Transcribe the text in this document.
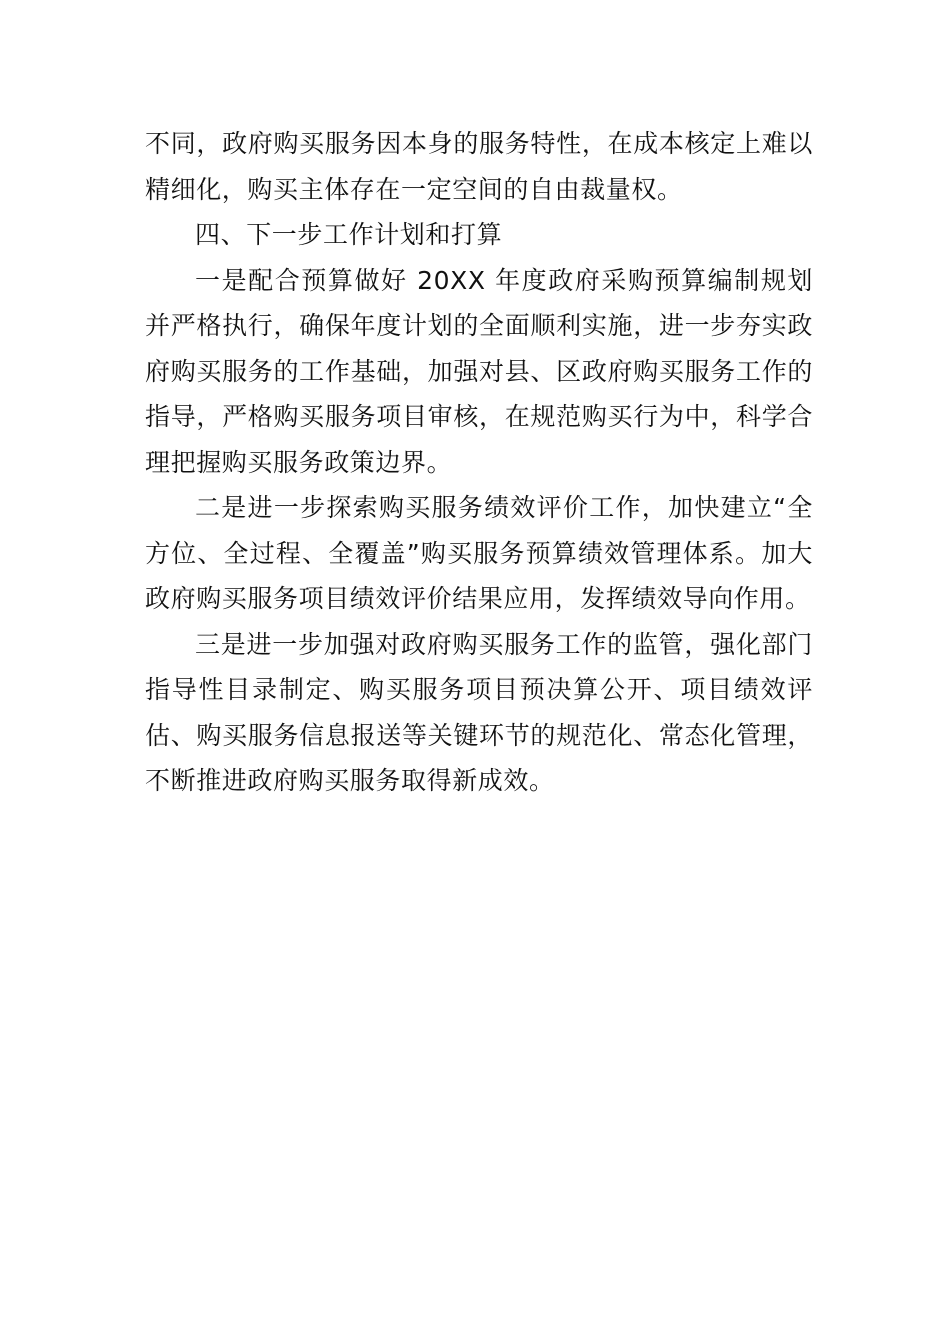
不同，政府购买服务因本身的服务特性，在成本核定上难以精细化，购买主体存在一定空间的自由裁量权。

四、下一步工作计划和打算

一是配合预算做好 20XX 年度政府采购预算编制规划并严格执行，确保年度计划的全面顺利实施，进一步夯实政府购买服务的工作基础，加强对县、区政府购买服务工作的指导，严格购买服务项目审核，在规范购买行为中，科学合理把握购买服务政策边界。

二是进一步探索购买服务绩效评价工作，加快建立“全方位、全过程、全覆盖”购买服务预算绩效管理体系。加大政府购买服务项目绩效评价结果应用，发挥绩效导向作用。

三是进一步加强对政府购买服务工作的监管，强化部门指导性目录制定、购买服务项目预决算公开、项目绩效评估、购买服务信息报送等关键环节的规范化、常态化管理，不断推进政府购买服务取得新成效。
